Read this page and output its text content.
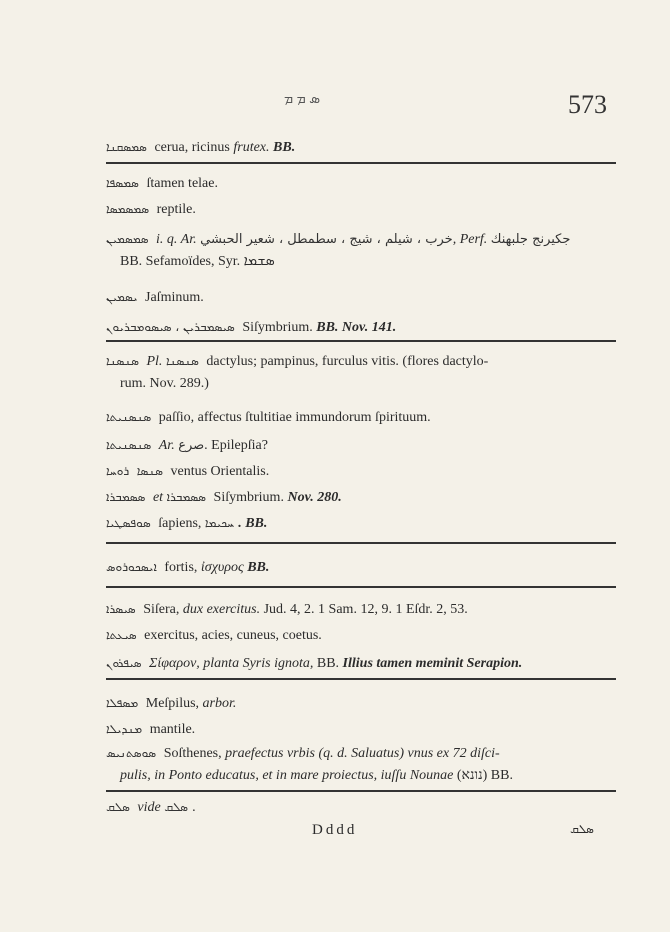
ܣ ܡ ܡ	573
ܣܡܣܩܢܐ cerua, ricinus frutex. BB.
ܣܡܣܦܐ ſtamen telae.
ܣܡܣܡܣܐ reptile.
ܣܡܣܡܝܢ i. q. Ar. خرب ، شيلم ، شيج ، سطمطل ، شعير الحبشي, Perf. جكيرنج جلبهنك
BB. Sefamoïdes, Syr. ܣܫܡܐ
ܝܣܡܝܢ Jaſminum.
ܣܝܣܡܒܪܝܢ ، ܣܝܣܘܡܒܪܝܘܢ Siſymbrium. BB. Nov. 141.
ܣܢܣܢܐ Pl. ܣܢܣܢܐ dactylus; pampinus, furculus vitis. (flores dactylo-
rum. Nov. 289.)
ܣܢܣܢܝܬܐ paſſio, affectus ſtultitiae immundorum ſpirituum.
ܣܢܣܢܝܬܐ Ar. صرع. Epilepſia?
ܣܢܣܐ ܪܘܚܐ	ventus Orientalis.
ܣܣܡܒܪܐ et ܣܣܡܒܪܐ Siſymbrium. Nov. 280.
ܣܘܦܣܛܝܐ ſapiens, ܚܟܝܡܐ . BB.
ܐܝܣܟܘܪܘܣ fortis, ἰσχυρος BB.
ܣܝܣܪܐ Siſera, dux exercitus. Jud. 4, 2. 1 Sam. 12, 9. 1 Eſdr. 2, 53.
ܣܝܥܬܐ exercitus, acies, cuneus, coetus.
ܣܝܦܪܘܢ Σίφαρον, planta Syris ignota, BB. Illius tamen meminit Serapion.
ܡܣܦܠܐ Meſpilus, arbor.
ܡܢܕܝܠܐ mantile.
ܣܘܣܬܢܝܣ Soſthenes, praefectus vrbis (q. d. Saluatus) vnus ex 72 diſci-
pulis, in Ponto educatus, et in mare proiectus, iuſſu Nounae (נונא) BB.
ܣܠܩ vide ܣܠܩ .
Dddd	ܣܠܩ
